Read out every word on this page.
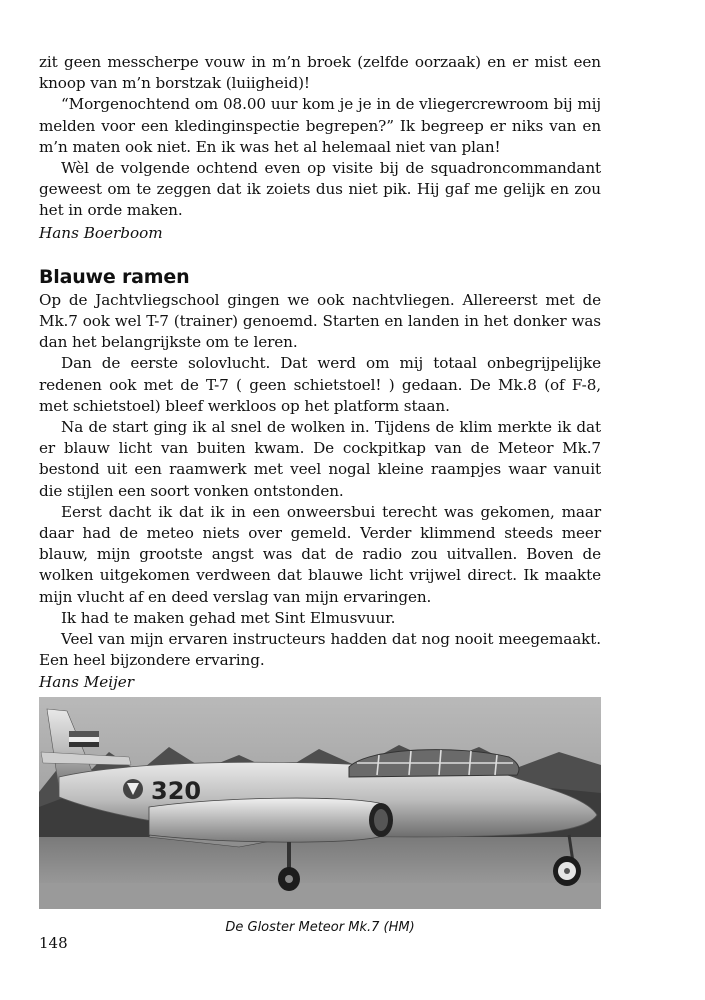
zit geen messcherpe vouw in m’n broek (zelfde oorzaak) en er mist een knoop van m’n borstzak (luiigheid)!

“Morgenochtend om 08.00 uur kom je je in de vliegercrewroom bij mij melden voor een kledinginspectie begrepen?” Ik begreep er niks van en m’n maten ook niet. En ik was het al helemaal niet van plan!

Wèl de volgende ochtend even op visite bij de squadroncommandant geweest om te zeggen dat ik zoiets dus niet pik. Hij gaf me gelijk en zou het in orde maken.

Hans Boerboom

Blauwe ramen

Op de Jachtvliegschool gingen we ook nachtvliegen. Allereerst met de Mk.7 ook wel T-7 (trainer) genoemd. Starten en landen in het donker was dan het belangrijkste om te leren.

Dan de eerste solovlucht. Dat werd om mij totaal onbegrijpelijke redenen ook met de T-7 ( geen schietstoel! ) gedaan. De Mk.8 (of F-8, met schietstoel) bleef werkloos op het platform staan.

Na de start ging ik al snel de wolken in. Tijdens de klim merkte ik dat er blauw licht van buiten kwam. De cockpitkap van de Meteor Mk.7 bestond uit een raamwerk met veel nogal kleine raampjes waar vanuit die stijlen een soort vonken ontstonden.

Eerst dacht ik dat ik in een onweersbui terecht was gekomen, maar daar had de meteo niets over gemeld. Verder klimmend steeds meer blauw, mijn grootste angst was dat de radio zou uitvallen. Boven de wolken uitgekomen verdween dat blauwe licht vrijwel direct. Ik maakte mijn vlucht af en deed verslag van mijn ervaringen.

Ik had te maken gehad met Sint Elmusvuur.

Veel van mijn ervaren instructeurs hadden dat nog nooit meegemaakt. Een heel bijzondere ervaring.

Hans Meijer

320
De Gloster Meteor Mk.7 (HM)
148
